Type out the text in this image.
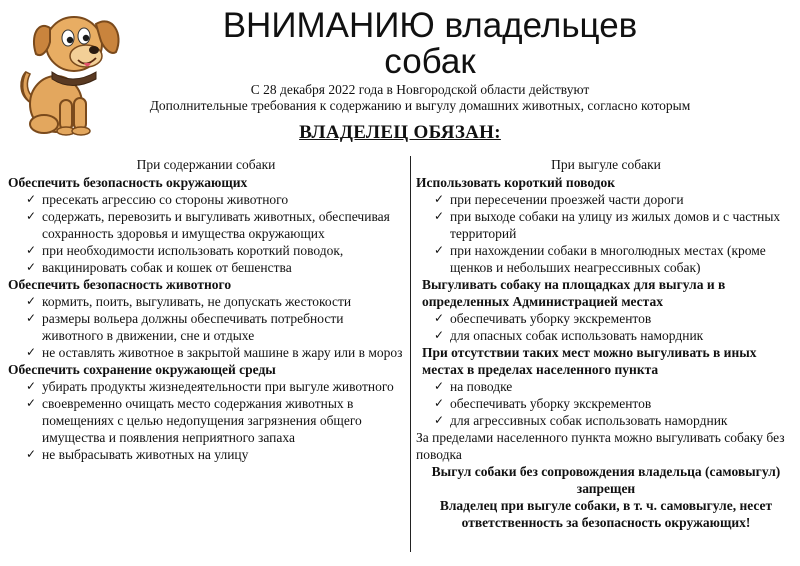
ВНИМАНИЮ владельцев
собак
С 28 декабря 2022 года в Новгородской области действуют
Дополнительные требования к содержанию и выгулу домашних животных, согласно которым
ВЛАДЕЛЕЦ ОБЯЗАН:
При содержании собаки
Обеспечить безопасность окружающих
✓ пресекать агрессию со стороны животного
✓ содержать, перевозить и выгуливать животных, обеспечивая сохранность здоровья и имущества окружающих
✓ при необходимости использовать короткий поводок,
✓ вакцинировать собак и кошек от бешенства
Обеспечить безопасность животного
✓ кормить, поить, выгуливать, не допускать жестокости
✓ размеры вольера должны обеспечивать потребности животного в движении, сне и отдыхе
✓ не оставлять животное в закрытой машине в жару или в мороз
Обеспечить сохранение окружающей среды
✓ убирать продукты жизнедеятельности при выгуле животного
✓ своевременно очищать место содержания животных в помещениях с целью недопущения загрязнения общего имущества и появления неприятного запаха
✓ не выбрасывать животных на улицу
При выгуле собаки
Использовать короткий поводок
✓ при пересечении проезжей части дороги
✓ при выходе собаки на улицу из жилых домов и с частных территорий
✓ при нахождении собаки в многолюдных местах (кроме щенков и небольших неагрессивных собак)
Выгуливать собаку на площадках для выгула и в определенных Администрацией местах
✓ обеспечивать уборку экскрементов
✓ для опасных собак использовать намордник
При отсутствии таких мест можно выгуливать в иных местах в пределах населенного пункта
✓ на поводке
✓ обеспечивать уборку экскрементов
✓ для агрессивных собак использовать намордник
За пределами населенного пункта можно выгуливать собаку без поводка
Выгул собаки без сопровождения владельца (самовыгул) запрещен
Владелец при выгуле собаки, в т. ч. самовыгуле, несет ответственность за безопасность окружающих!
